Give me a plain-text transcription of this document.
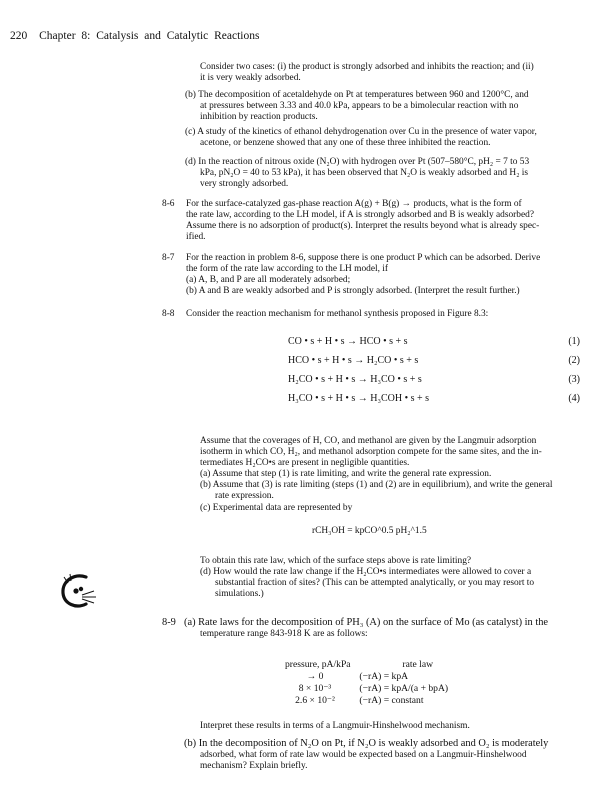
220 Chapter 8: Catalysis and Catalytic Reactions
Consider two cases: (i) the product is strongly adsorbed and inhibits the reaction; and (ii)
it is very weakly adsorbed.
(b) The decomposition of acetaldehyde on Pt at temperatures between 960 and 1200°C, and
at pressures between 3.33 and 40.0 kPa, appears to be a bimolecular reaction with no
inhibition by reaction products.
(c) A study of the kinetics of ethanol dehydrogenation over Cu in the presence of water vapor,
acetone, or benzene showed that any one of these three inhibited the reaction.
(d) In the reaction of nitrous oxide (N₂O) with hydrogen over Pt (507–580°C, pH₂ = 7 to 53
kPa, pN₂O = 40 to 53 kPa), it has been observed that N₂O is weakly adsorbed and H₂ is
very strongly adsorbed.
8-6 For the surface-catalyzed gas-phase reaction A(g) + B(g) → products, what is the form of
the rate law, according to the LH model, if A is strongly adsorbed and B is weakly adsorbed?
Assume there is no adsorption of product(s). Interpret the results beyond what is already spec-
ified.
8-7 For the reaction in problem 8-6, suppose there is one product P which can be adsorbed. Derive
the form of the rate law according to the LH model, if
(a) A, B, and P are all moderately adsorbed;
(b) A and B are weakly adsorbed and P is strongly adsorbed. (Interpret the result further.)
8-8 Consider the reaction mechanism for methanol synthesis proposed in Figure 8.3:
CO • s + H • s → HCO • s + s	(1)
HCO • s + H • s → H₂CO • s + s	(2)
H₂CO • s + H • s → H₃CO • s + s	(3)
H₃CO • s + H • s → H₃COH • s + s	(4)
Assume that the coverages of H, CO, and methanol are given by the Langmuir adsorption
isotherm in which CO, H₂, and methanol adsorption compete for the same sites, and the in-
termediates H₂CO•s are present in negligible quantities.
(a) Assume that step (1) is rate limiting, and write the general rate expression.
(b) Assume that (3) is rate limiting (steps (1) and (2) are in equilibrium), and write the general
rate expression.
(c) Experimental data are represented by
rCH₃OH = kpCO^0.5 pH₂^1.5
To obtain this rate law, which of the surface steps above is rate limiting?
(d) How would the rate law change if the H₂CO•s intermediates were allowed to cover a
substantial fraction of sites? (This can be attempted analytically, or you may resort to
simulations.)
8-9 (a) Rate laws for the decomposition of PH₃ (A) on the surface of Mo (as catalyst) in the
temperature range 843-918 K are as follows:
pressure, pA/kPa	rate law
→ 0	(−rA) = kpA
8 × 10⁻³	(−rA) = kpA/(a + bpA)
2.6 × 10⁻²	(−rA) = constant
Interpret these results in terms of a Langmuir-Hinshelwood mechanism.
(b) In the decomposition of N₂O on Pt, if N₂O is weakly adsorbed and O₂ is moderately
adsorbed, what form of rate law would be expected based on a Langmuir-Hinshelwood
mechanism? Explain briefly.
